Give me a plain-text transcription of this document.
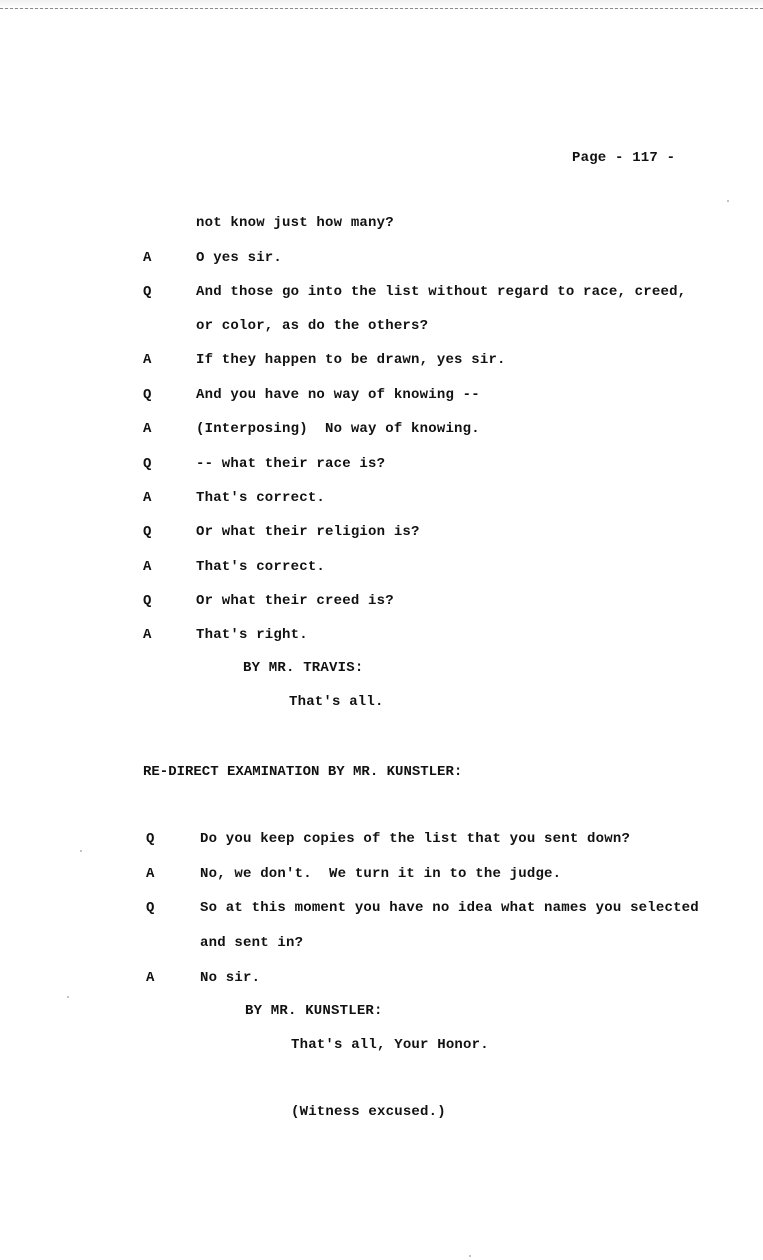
Page - 117 -
not know just how many?
A	O yes sir.
Q	And those go into the list without regard to race, creed,
or color, as do the others?
A	If they happen to be drawn, yes sir.
Q	And you have no way of knowing --
A	(Interposing)  No way of knowing.
Q	-- what their race is?
A	That's correct.
Q	Or what their religion is?
A	That's correct.
Q	Or what their creed is?
A	That's right.
BY MR. TRAVIS:
That's all.
RE-DIRECT EXAMINATION BY MR. KUNSTLER:
Q	Do you keep copies of the list that you sent down?
A	No, we don't.  We turn it in to the judge.
Q	So at this moment you have no idea what names you selected
and sent in?
A	No sir.
BY MR. KUNSTLER:
That's all, Your Honor.
(Witness excused.)
